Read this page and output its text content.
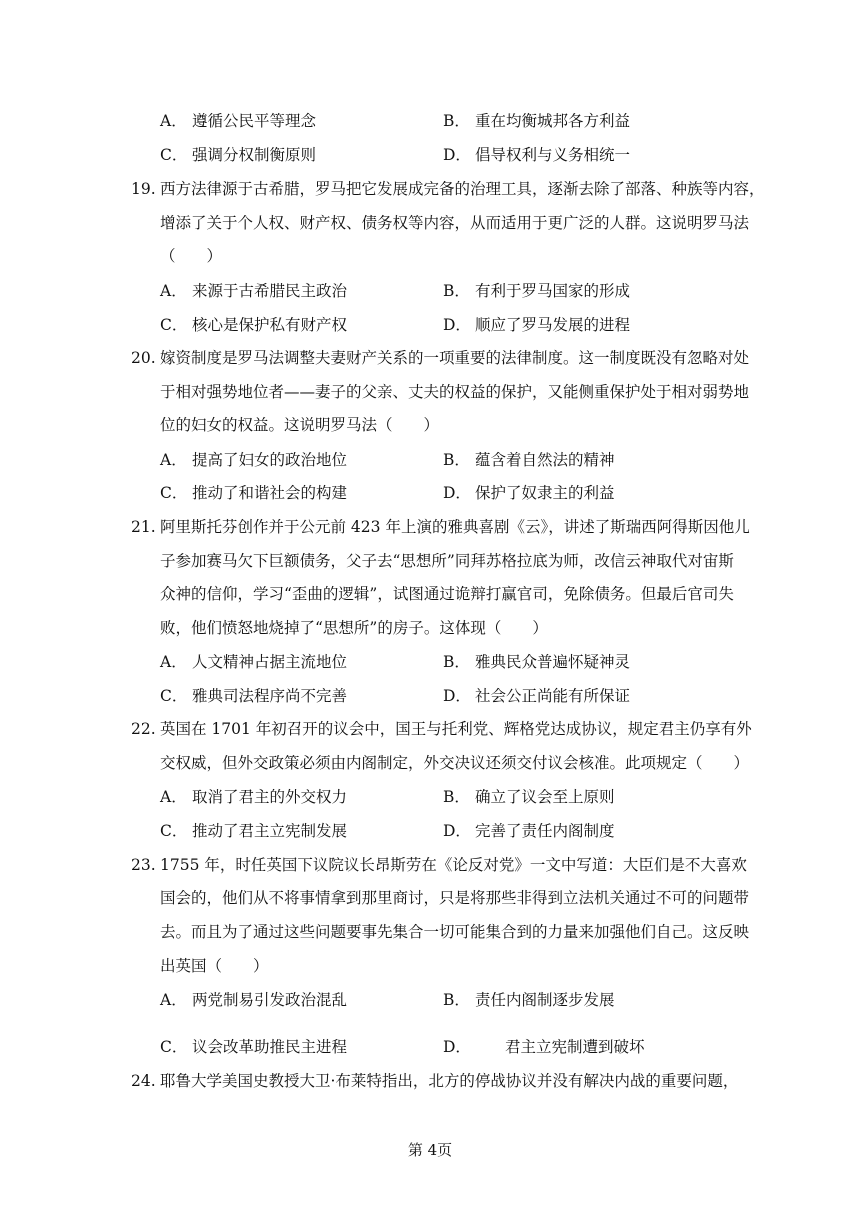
A． 遵循公民平等理念	B． 重在均衡城邦各方利益
C． 强调分权制衡原则	D． 倡导权利与义务相统一
19. 西方法律源于古希腊，罗马把它发展成完备的治理工具，逐渐去除了部落、种族等内容，
增添了关于个人权、财产权、债务权等内容，从而适用于更广泛的人群。这说明罗马法
（　　）
A． 来源于古希腊民主政治	B． 有利于罗马国家的形成
C． 核心是保护私有财产权	D． 顺应了罗马发展的进程
20. 嫁资制度是罗马法调整夫妻财产关系的一项重要的法律制度。这一制度既没有忽略对处
于相对强势地位者——妻子的父亲、丈夫的权益的保护，又能侧重保护处于相对弱势地
位的妇女的权益。这说明罗马法（　　）
A． 提高了妇女的政治地位	B． 蕴含着自然法的精神
C． 推动了和谐社会的构建	D． 保护了奴隶主的利益
21. 阿里斯托芬创作并于公元前 423 年上演的雅典喜剧《云》，讲述了斯瑞西阿得斯因他儿
子参加赛马欠下巨额债务，父子去“思想所”同拜苏格拉底为师，改信云神取代对宙斯
众神的信仰，学习“歪曲的逻辑”，试图通过诡辩打赢官司，免除债务。但最后官司失
败，他们愤怒地烧掉了“思想所”的房子。这体现（　　）
A． 人文精神占据主流地位	B． 雅典民众普遍怀疑神灵
C． 雅典司法程序尚不完善	D． 社会公正尚能有所保证
22. 英国在 1701 年初召开的议会中，国王与托利党、辉格党达成协议，规定君主仍享有外
交权威，但外交政策必须由内阁制定，外交决议还须交付议会核准。此项规定（　　）
A． 取消了君主的外交权力	B． 确立了议会至上原则
C． 推动了君主立宪制发展	D． 完善了责任内阁制度
23. 1755 年，时任英国下议院议长昂斯劳在《论反对党》一文中写道：大臣们是不大喜欢
国会的，他们从不将事情拿到那里商讨，只是将那些非得到立法机关通过不可的问题带
去。而且为了通过这些问题要事先集合一切可能集合到的力量来加强他们自己。这反映
出英国（　　）
A． 两党制易引发政治混乱	B． 责任内阁制逐步发展
C． 议会改革助推民主进程	D． 君主立宪制遭到破坏
24. 耶鲁大学美国史教授大卫·布莱特指出，北方的停战协议并没有解决内战的重要问题，
第 4页
